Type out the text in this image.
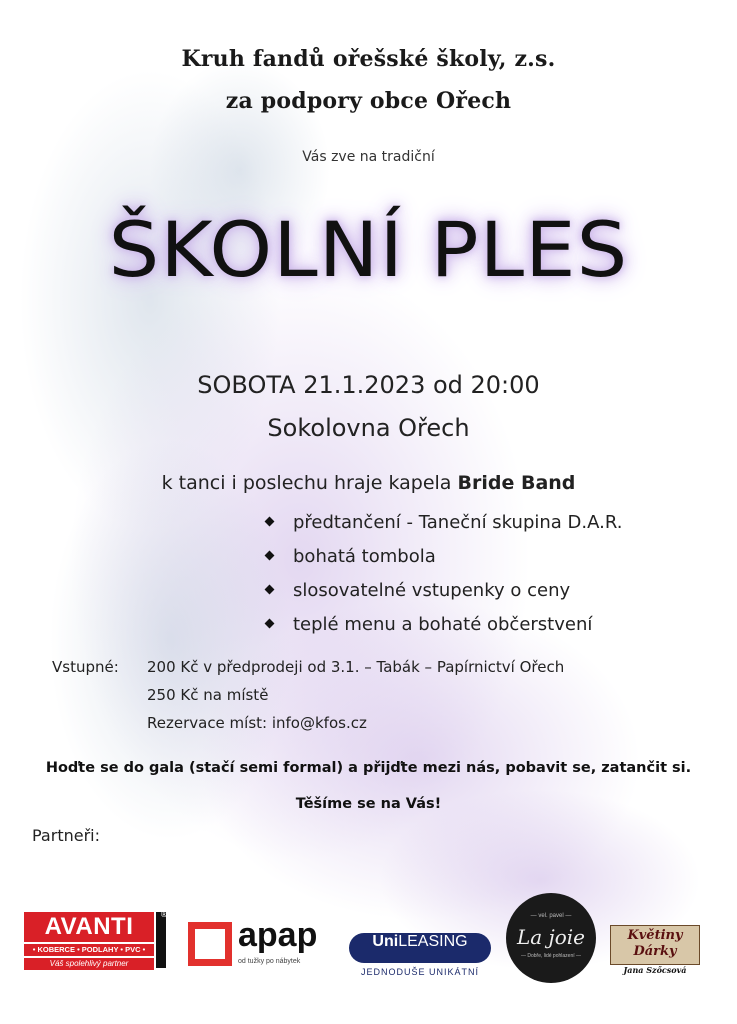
Kruh fandů ořešské školy, z.s.
za podpory obce Ořech
Vás zve na tradiční
ŠKOLNÍ PLES
SOBOTA 21.1.2023 od 20:00
Sokolovna Ořech
k tanci i poslechu hraje kapela Bride Band
předtančení - Taneční skupina D.A.R.
bohatá tombola
slosovatelné vstupenky o ceny
teplé menu a bohaté občerstvení
Vstupné: 200 Kč v předprodeji od 3.1. – Tabák – Papírnictví Ořech
250 Kč na místě
Rezervace míst: info@kfos.cz
Hoďte se do gala (stačí semi formal) a přijďte mezi nás, pobavit se, zatančit si.
Těšíme se na Vás!
Partneři:
AVANTI	®
• KOBERCE • PODLAHY • PVC •
Váš spolehlivý partner
apap
od tužky po nábytek
UniLEASING
JEDNODUŠE UNIKÁTNÍ
— vel. pavel —
La joie
— Dobře, lidé pohlazení —
Květiny
Dárky
Jana Szőcsová
